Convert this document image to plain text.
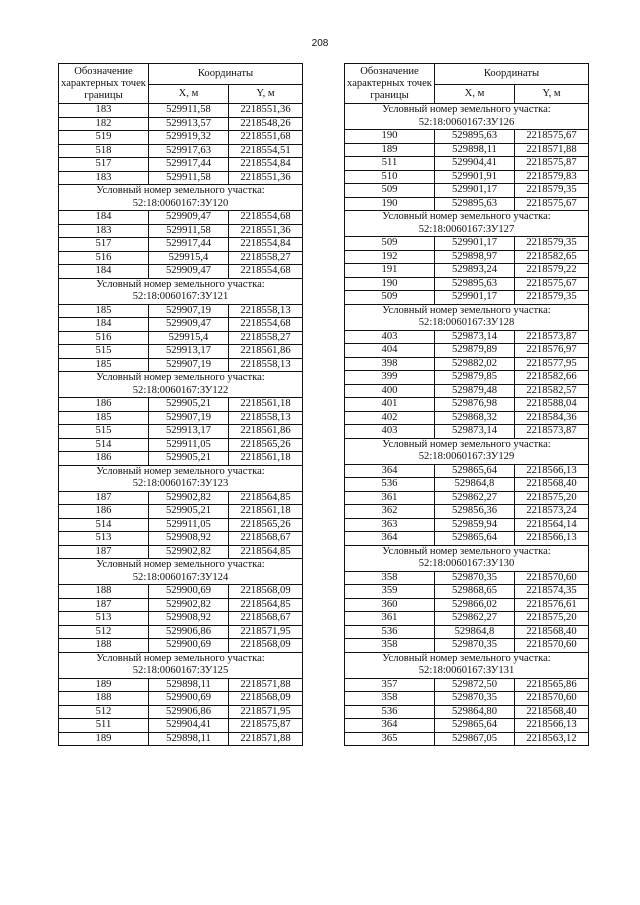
208
Обозначение характерных точек границы	Координаты	
	X, м	Y, м
183	529911,58	2218551,36
182	529913,57	2218548,26
519	529919,32	2218551,68
518	529917,63	2218554,51
517	529917,44	2218554,84
183	529911,58	2218551,36
Условный номер земельного участка: 52:18:0060167:ЗУ120		
184	529909,47	2218554,68
183	529911,58	2218551,36
517	529917,44	2218554,84
516	529915,4	2218558,27
184	529909,47	2218554,68
Условный номер земельного участка: 52:18:0060167:ЗУ121		
185	529907,19	2218558,13
184	529909,47	2218554,68
516	529915,4	2218558,27
515	529913,17	2218561,86
185	529907,19	2218558,13
Условный номер земельного участка: 52:18:0060167:ЗУ122		
186	529905,21	2218561,18
185	529907,19	2218558,13
515	529913,17	2218561,86
514	529911,05	2218565,26
186	529905,21	2218561,18
Условный номер земельного участка: 52:18:0060167:ЗУ123		
187	529902,82	2218564,85
186	529905,21	2218561,18
514	529911,05	2218565,26
513	529908,92	2218568,67
187	529902,82	2218564,85
Условный номер земельного участка: 52:18:0060167:ЗУ124		
188	529900,69	2218568,09
187	529902,82	2218564,85
513	529908,92	2218568,67
512	529906,86	2218571,95
188	529900,69	2218568,09
Условный номер земельного участка: 52:18:0060167:ЗУ125		
189	529898,11	2218571,88
188	529900,69	2218568,09
512	529906,86	2218571,95
511	529904,41	2218575,87
189	529898,11	2218571,88
Обозначение характерных точек границы	Координаты	
	X, м	Y, м
Условный номер земельного участка: 52:18:0060167:ЗУ126		
190	529895,63	2218575,67
189	529898,11	2218571,88
511	529904,41	2218575,87
510	529901,91	2218579,83
509	529901,17	2218579,35
190	529895,63	2218575,67
Условный номер земельного участка: 52:18:0060167:ЗУ127		
509	529901,17	2218579,35
192	529898,97	2218582,65
191	529893,24	2218579,22
190	529895,63	2218575,67
509	529901,17	2218579,35
Условный номер земельного участка: 52:18:0060167:ЗУ128		
403	529873,14	2218573,87
404	529879,89	2218576,97
398	529882,02	2218577,95
399	529879,85	2218582,66
400	529879,48	2218582,57
401	529876,98	2218588,04
402	529868,32	2218584,36
403	529873,14	2218573,87
Условный номер земельного участка: 52:18:0060167:ЗУ129		
364	529865,64	2218566,13
536	529864,8	2218568,40
361	529862,27	2218575,20
362	529856,36	2218573,24
363	529859,94	2218564,14
364	529865,64	2218566,13
Условный номер земельного участка: 52:18:0060167:ЗУ130		
358	529870,35	2218570,60
359	529868,65	2218574,35
360	529866,02	2218576,61
361	529862,27	2218575,20
536	529864,8	2218568,40
358	529870,35	2218570,60
Условный номер земельного участка: 52:18:0060167:ЗУ131		
357	529872,50	2218565,86
358	529870,35	2218570,60
536	529864,80	2218568,40
364	529865,64	2218566,13
365	529867,05	2218563,12
